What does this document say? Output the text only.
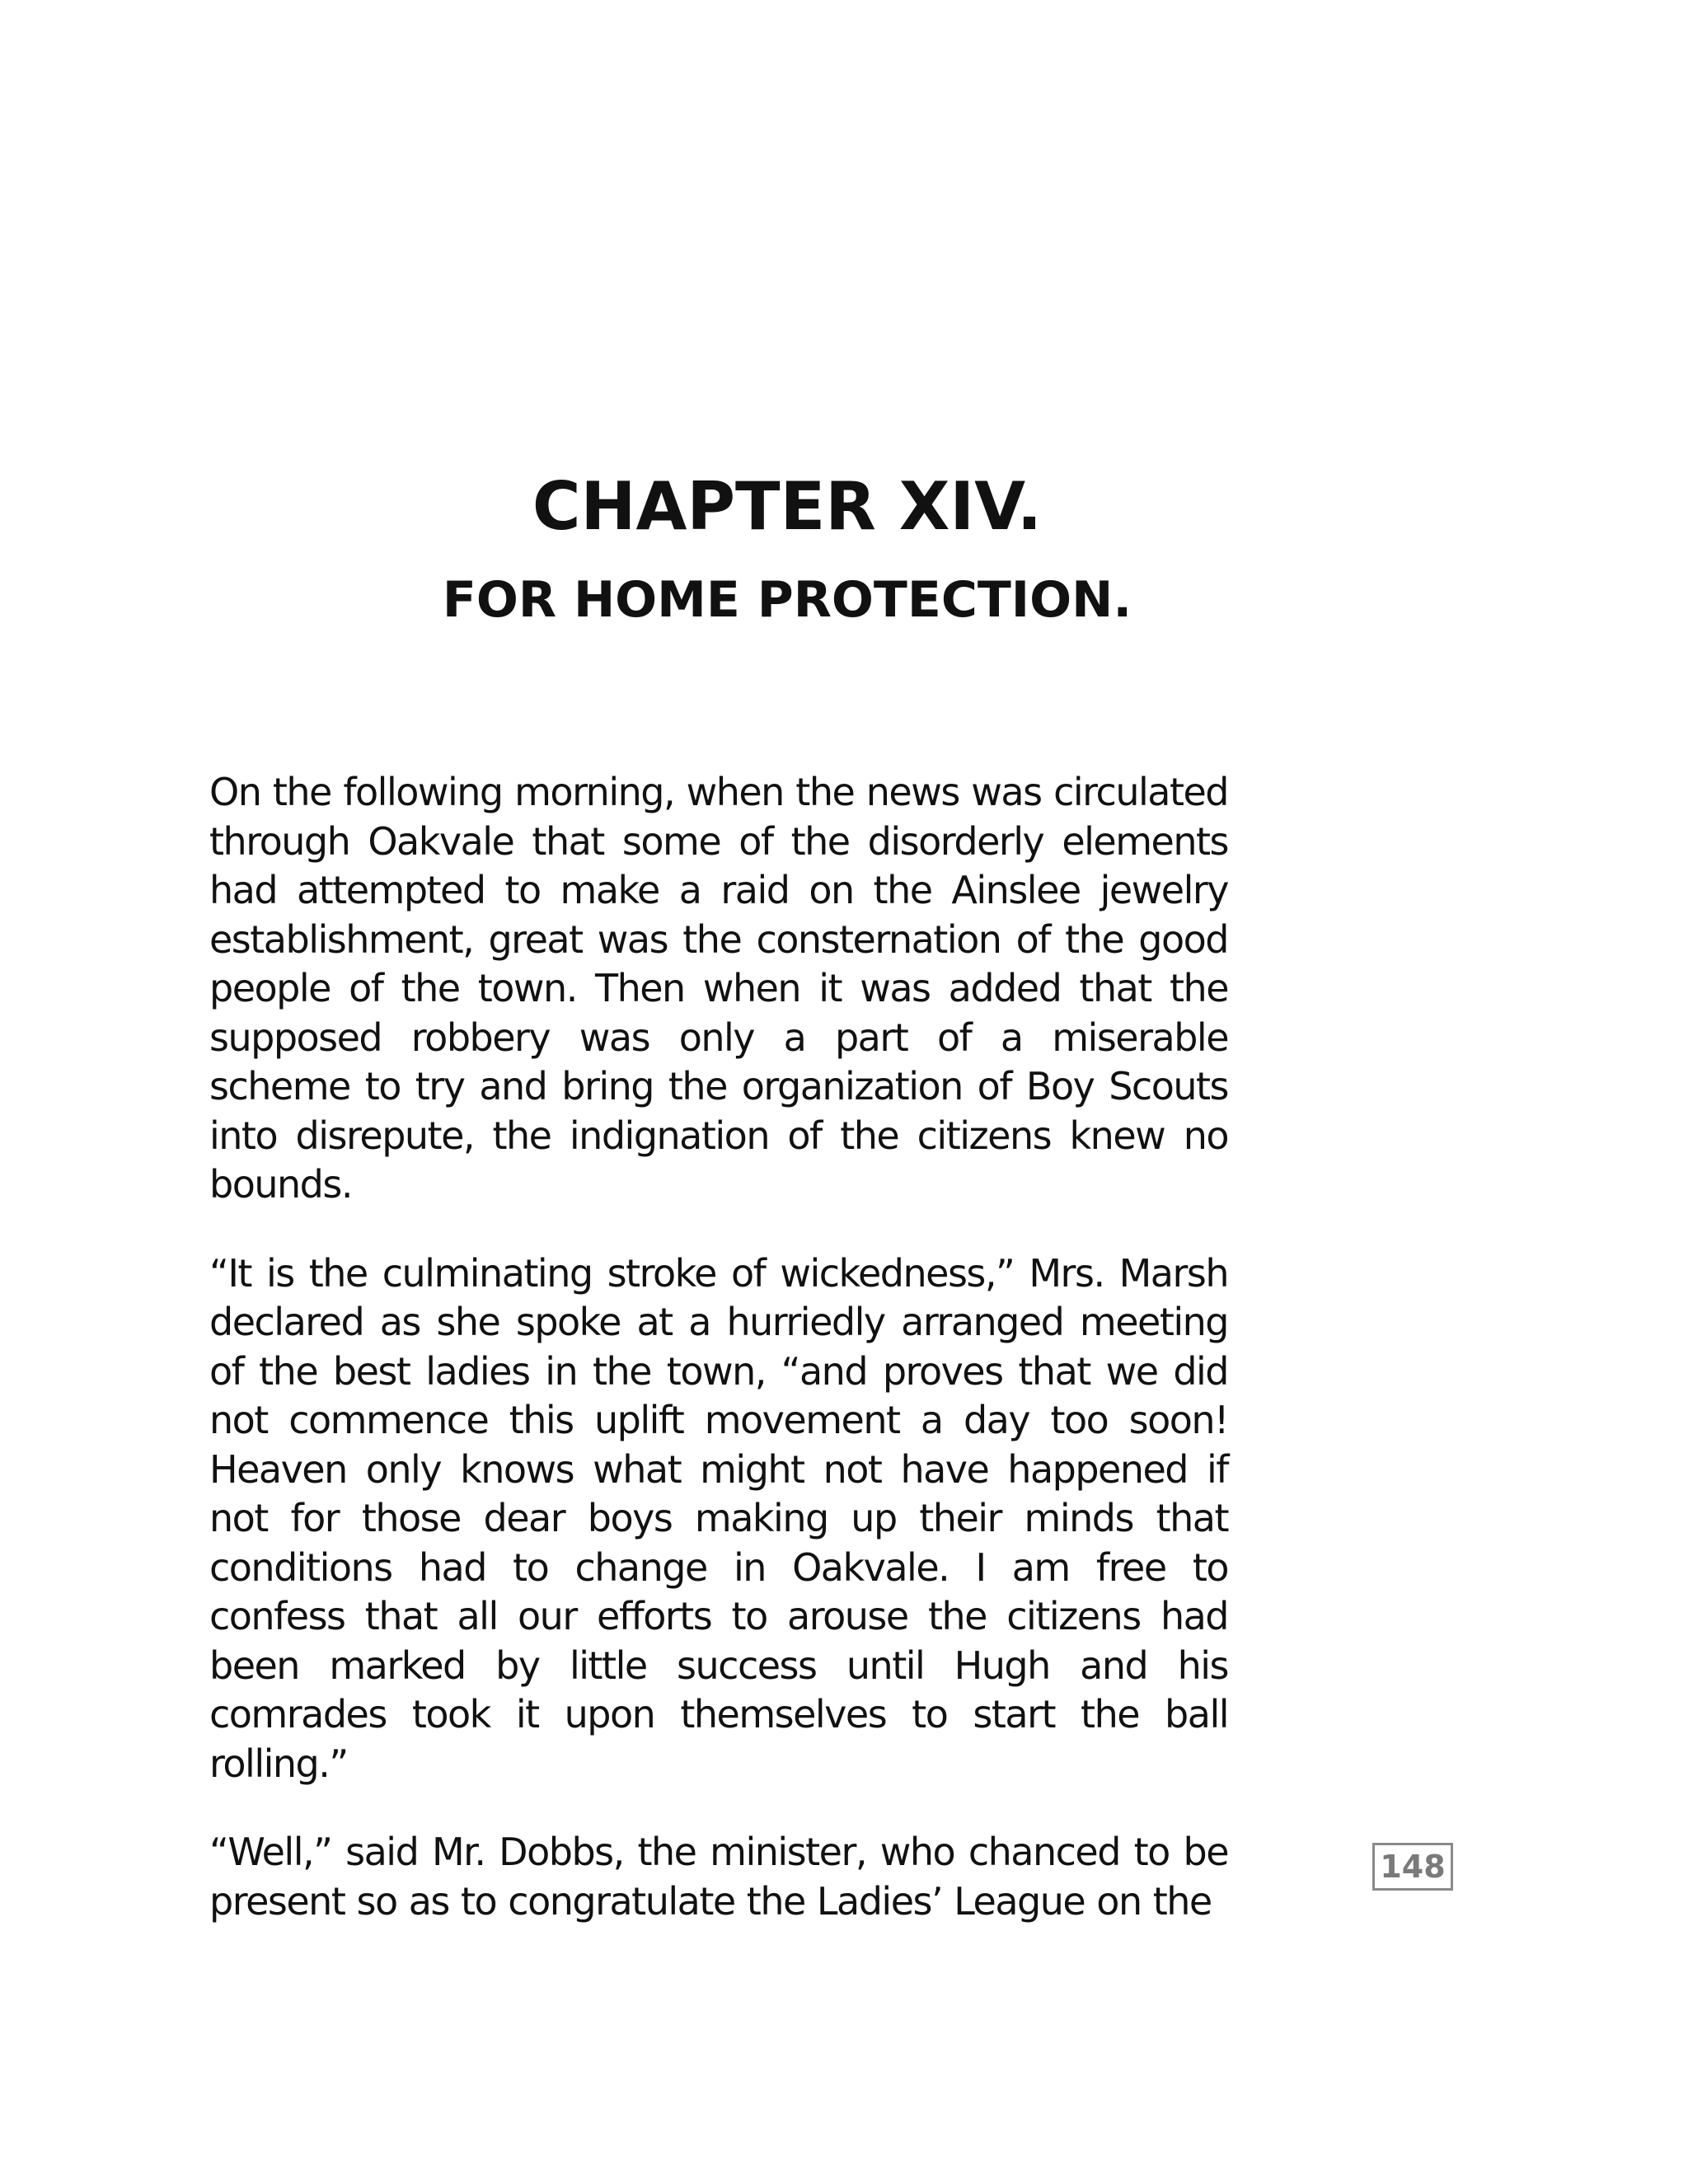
CHAPTER XIV.
FOR HOME PROTECTION.

On the following morning, when the news was circulated through Oakvale that some of the disorderly elements had attempted to make a raid on the Ainslee jewelry establishment, great was the consternation of the good people of the town. Then when it was added that the supposed robbery was only a part of a miserable scheme to try and bring the organization of Boy Scouts into disrepute, the indignation of the citizens knew no bounds.

“It is the culminating stroke of wickedness,” Mrs. Marsh declared as she spoke at a hurriedly arranged meeting of the best ladies in the town, “and proves that we did not commence this uplift movement a day too soon! Heaven only knows what might not have happened if not for those dear boys making up their minds that conditions had to change in Oakvale. I am free to confess that all our efforts to arouse the citizens had been marked by little success until Hugh and his comrades took it upon themselves to start the ball rolling.”

“Well,” said Mr. Dobbs, the minister, who chanced to be present so as to congratulate the Ladies’ League on the

148
